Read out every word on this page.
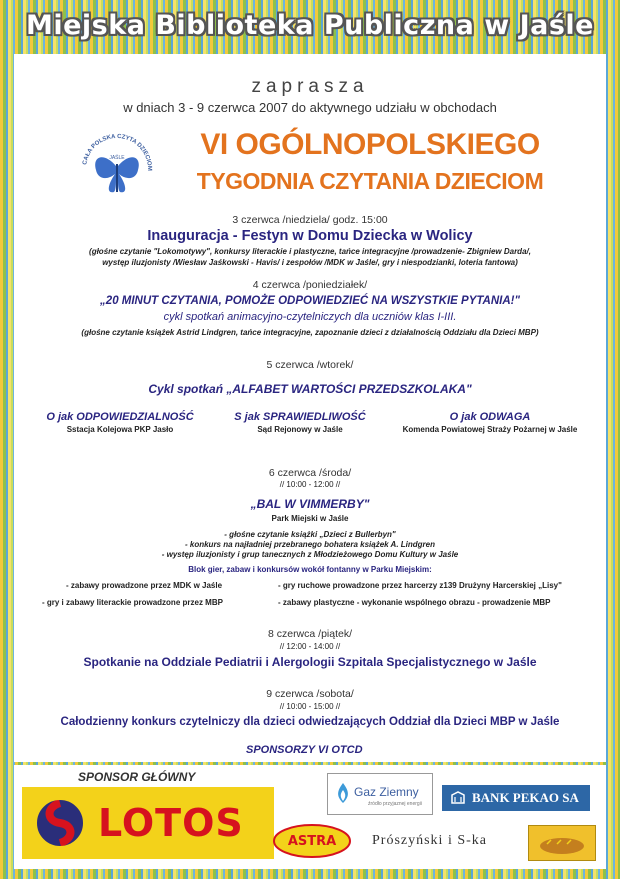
Miejska Biblioteka Publiczna w Jaśle
zaprasza
w dniach 3 - 9 czerwca 2007 do aktywnego udziału w obchodach
CAŁA POLSKA CZYTA DZIECIOM
JAŚLE	VI OGÓLNOPOLSKIEGO
TYGODNIA CZYTANIA DZIECIOM
3 czerwca /niedziela/ godz. 15:00
Inauguracja - Festyn w Domu Dziecka w Wolicy
(głośne czytanie "Lokomotywy", konkursy literackie i plastyczne, tańce integracyjne /prowadzenie- Zbigniew Darda/,
występ iluzjonisty /Wiesław Jaśkowski - Havis/ i zespołów /MDK w Jaśle/, gry i niespodzianki, loteria fantowa)
4 czerwca /poniedziałek/
„20 MINUT CZYTANIA, POMOŻE ODPOWIEDZIEĆ NA WSZYSTKIE PYTANIA!"
cykl spotkań animacyjno-czytelniczych dla uczniów klas I-III.
(głośne czytanie książek Astrid Lindgren, tańce integracyjne, zapoznanie dzieci z działalnością Oddziału dla Dzieci MBP)
5 czerwca /wtorek/
Cykl spotkań „ALFABET WARTOŚCI PRZEDSZKOLAKA"
O jak ODPOWIEDZIALNOŚĆ
Sstacja Kolejowa PKP Jasło
S jak SPRAWIEDLIWOŚĆ
Sąd Rejonowy w Jaśle
O jak ODWAGA
Komenda Powiatowej Straży Pożarnej w Jaśle
6 czerwca /środa/
// 10:00 - 12:00 //
„BAL W VIMMERBY"
Park Miejski w Jaśle
- głośne czytanie książki „Dzieci z Bullerbyn"
- konkurs na najładniej przebranego bohatera książek A. Lindgren
- występ iluzjonisty i grup tanecznych z Młodzieżowego Domu Kultury w Jaśle
Blok gier, zabaw i konkursów wokół fontanny w Parku Miejskim:
- zabawy prowadzone przez MDK w Jaśle
- gry i zabawy literackie prowadzone przez MBP
- gry ruchowe prowadzone przez harcerzy z139 Drużyny Harcerskiej „Lisy"
- zabawy plastyczne - wykonanie wspólnego obrazu - prowadzenie MBP
8 czerwca /piątek/
// 12:00 - 14:00 //
Spotkanie na Oddziale Pediatrii i Alergologii Szpitala Specjalistycznego w Jaśle
9 czerwca /sobota/
// 10:00 - 15:00 //
Całodzienny konkurs czytelniczy dla dzieci odwiedzających Oddział dla Dzieci MBP w Jaśle
SPONSORZY VI OTCD
SPONSOR GŁÓWNY
LOTOS
Gaz Ziemny
źródło przyjaznej energii	BANK PEKAO SA
ASTRA	Prószyński i S-ka
